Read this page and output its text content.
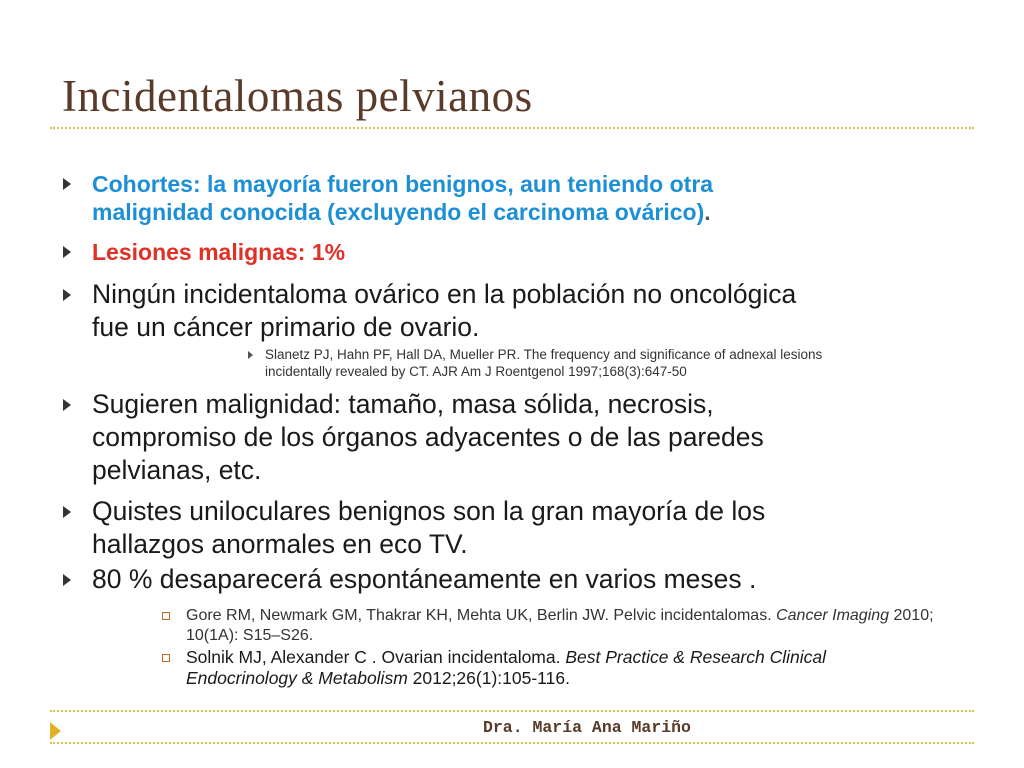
Incidentalomas pelvianos
Cohortes: la mayoría fueron benignos, aun teniendo otra
malignidad conocida (excluyendo el carcinoma ovárico).
Lesiones malignas: 1%
Ningún incidentaloma ovárico en la población no oncológica
fue un cáncer primario de ovario.
Slanetz PJ, Hahn PF, Hall DA, Mueller PR. The frequency and significance of adnexal lesions
incidentally revealed by CT. AJR Am J Roentgenol 1997;168(3):647-50
Sugieren malignidad: tamaño, masa sólida, necrosis,
compromiso de los órganos adyacentes o de las paredes
pelvianas, etc.
Quistes uniloculares benignos son la gran mayoría de los
hallazgos anormales en eco TV.
80 % desaparecerá espontáneamente en varios meses .
Gore RM, Newmark GM, Thakrar KH, Mehta UK, Berlin JW. Pelvic incidentalomas. Cancer Imaging 2010;
10(1A): S15–S26.
Solnik MJ, Alexander C . Ovarian incidentaloma. Best Practice & Research Clinical
Endocrinology & Metabolism 2012;26(1):105-116.
Dra. María Ana Mariño
